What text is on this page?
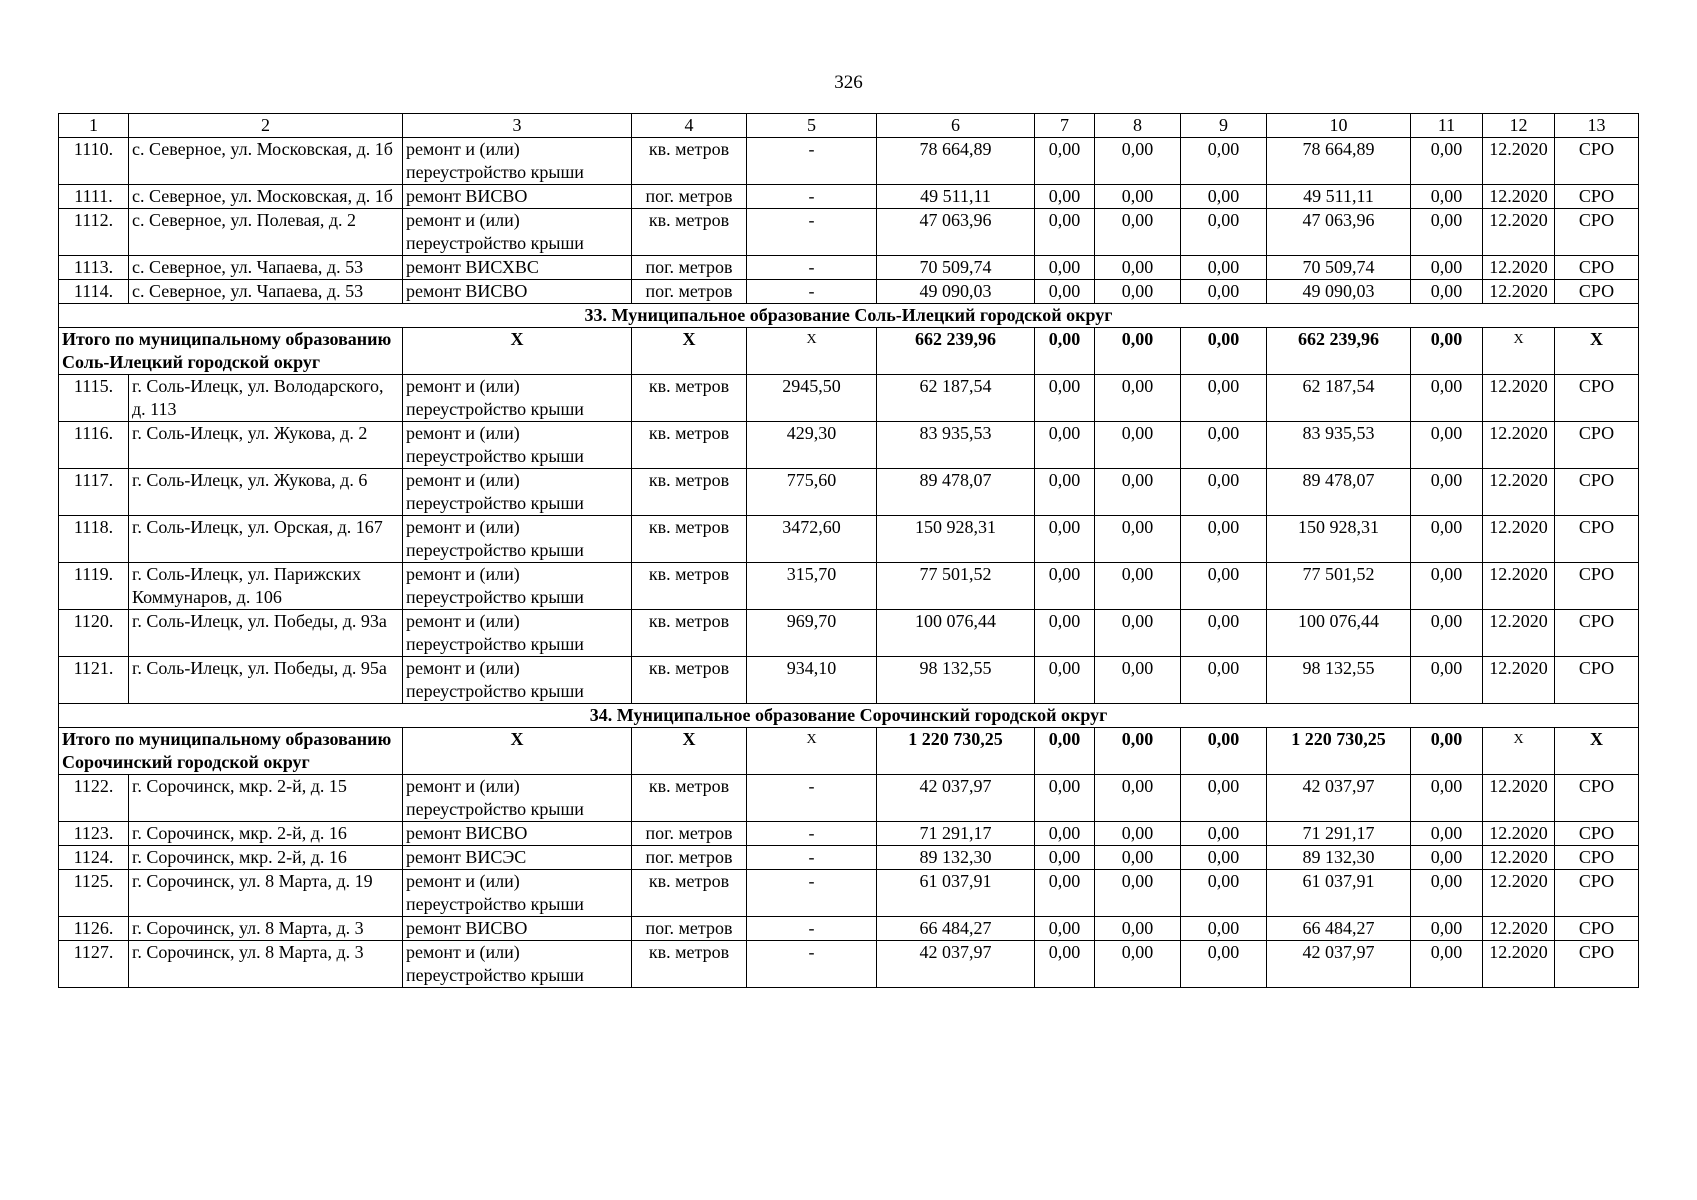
326
1	2	3	4	5	6	7	8	9	10	11	12	13
1110.	с. Северное, ул. Московская, д. 1б	ремонт и (или) переустройство крыши	кв. метров	-	78 664,89	0,00	0,00	0,00	78 664,89	0,00	12.2020	СРО
1111.	с. Северное, ул. Московская, д. 1б	ремонт ВИСВО	пог. метров	-	49 511,11	0,00	0,00	0,00	49 511,11	0,00	12.2020	СРО
1112.	с. Северное, ул. Полевая, д. 2	ремонт и (или) переустройство крыши	кв. метров	-	47 063,96	0,00	0,00	0,00	47 063,96	0,00	12.2020	СРО
1113.	с. Северное, ул. Чапаева, д. 53	ремонт ВИСХВС	пог. метров	-	70 509,74	0,00	0,00	0,00	70 509,74	0,00	12.2020	СРО
1114.	с. Северное, ул. Чапаева, д. 53	ремонт ВИСВО	пог. метров	-	49 090,03	0,00	0,00	0,00	49 090,03	0,00	12.2020	СРО
33. Муниципальное образование Соль-Илецкий городской округ												
Итого по муниципальному образованию Соль-Илецкий городской округ		X	X	X	662 239,96	0,00	0,00	0,00	662 239,96	0,00	X	X
1115.	г. Соль-Илецк, ул. Володарского, д. 113	ремонт и (или) переустройство крыши	кв. метров	2945,50	62 187,54	0,00	0,00	0,00	62 187,54	0,00	12.2020	СРО
1116.	г. Соль-Илецк, ул. Жукова, д. 2	ремонт и (или) переустройство крыши	кв. метров	429,30	83 935,53	0,00	0,00	0,00	83 935,53	0,00	12.2020	СРО
1117.	г. Соль-Илецк, ул. Жукова, д. 6	ремонт и (или) переустройство крыши	кв. метров	775,60	89 478,07	0,00	0,00	0,00	89 478,07	0,00	12.2020	СРО
1118.	г. Соль-Илецк, ул. Орская, д. 167	ремонт и (или) переустройство крыши	кв. метров	3472,60	150 928,31	0,00	0,00	0,00	150 928,31	0,00	12.2020	СРО
1119.	г. Соль-Илецк, ул. Парижских Коммунаров, д. 106	ремонт и (или) переустройство крыши	кв. метров	315,70	77 501,52	0,00	0,00	0,00	77 501,52	0,00	12.2020	СРО
1120.	г. Соль-Илецк, ул. Победы, д. 93а	ремонт и (или) переустройство крыши	кв. метров	969,70	100 076,44	0,00	0,00	0,00	100 076,44	0,00	12.2020	СРО
1121.	г. Соль-Илецк, ул. Победы, д. 95а	ремонт и (или) переустройство крыши	кв. метров	934,10	98 132,55	0,00	0,00	0,00	98 132,55	0,00	12.2020	СРО
34. Муниципальное образование Сорочинский городской округ												
Итого по муниципальному образованию Сорочинский городской округ		X	X	X	1 220 730,25	0,00	0,00	0,00	1 220 730,25	0,00	X	X
1122.	г. Сорочинск, мкр. 2-й, д. 15	ремонт и (или) переустройство крыши	кв. метров	-	42 037,97	0,00	0,00	0,00	42 037,97	0,00	12.2020	СРО
1123.	г. Сорочинск, мкр. 2-й, д. 16	ремонт ВИСВО	пог. метров	-	71 291,17	0,00	0,00	0,00	71 291,17	0,00	12.2020	СРО
1124.	г. Сорочинск, мкр. 2-й, д. 16	ремонт ВИСЭС	пог. метров	-	89 132,30	0,00	0,00	0,00	89 132,30	0,00	12.2020	СРО
1125.	г. Сорочинск, ул. 8 Марта, д. 19	ремонт и (или) переустройство крыши	кв. метров	-	61 037,91	0,00	0,00	0,00	61 037,91	0,00	12.2020	СРО
1126.	г. Сорочинск, ул. 8 Марта, д. 3	ремонт ВИСВО	пог. метров	-	66 484,27	0,00	0,00	0,00	66 484,27	0,00	12.2020	СРО
1127.	г. Сорочинск, ул. 8 Марта, д. 3	ремонт и (или) переустройство крыши	кв. метров	-	42 037,97	0,00	0,00	0,00	42 037,97	0,00	12.2020	СРО
